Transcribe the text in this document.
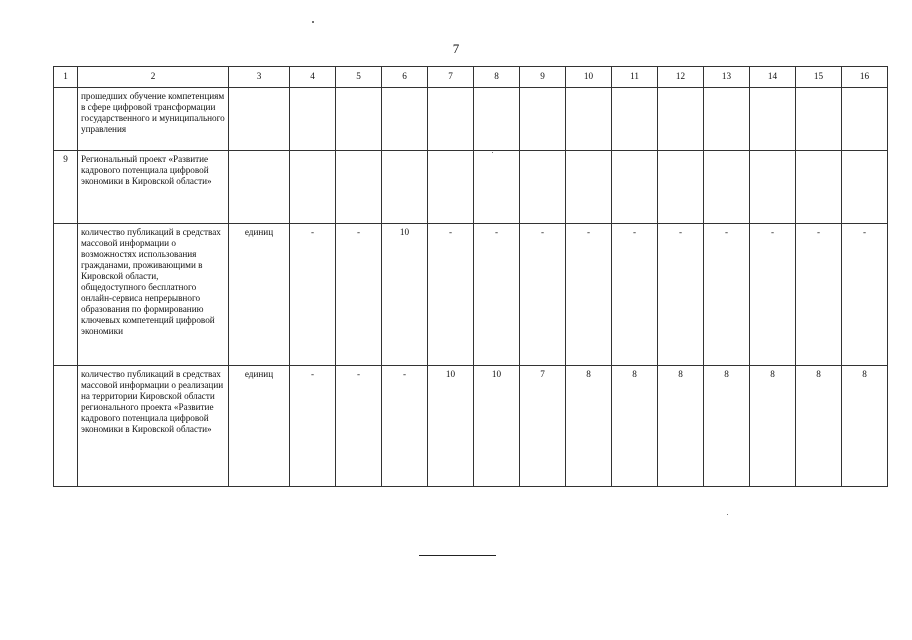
7
1	2	3	4	5	6	7	8	9	10	11	12	13	14	15	16
	прошедших обучение компетенциям в сфере цифровой трансформации государственного и муниципального управления														
9	Региональный проект «Развитие кадрового потенциала цифровой экономики в Кировской области»														
	количество публикаций в средствах массовой информации о возможностях использования гражданами, проживающими в Кировской области, общедоступного бесплатного онлайн-сервиса непрерывного образования по формированию ключевых компетенций цифровой экономики	единиц	-	-	10	-	-	-	-	-	-	-	-	-	-
	количество публикаций в средствах массовой информации о реализации на территории Кировской области регионального проекта «Развитие кадрового потенциала цифровой экономики в Кировской области»	единиц	-	-	-	10	10	7	8	8	8	8	8	8	8
